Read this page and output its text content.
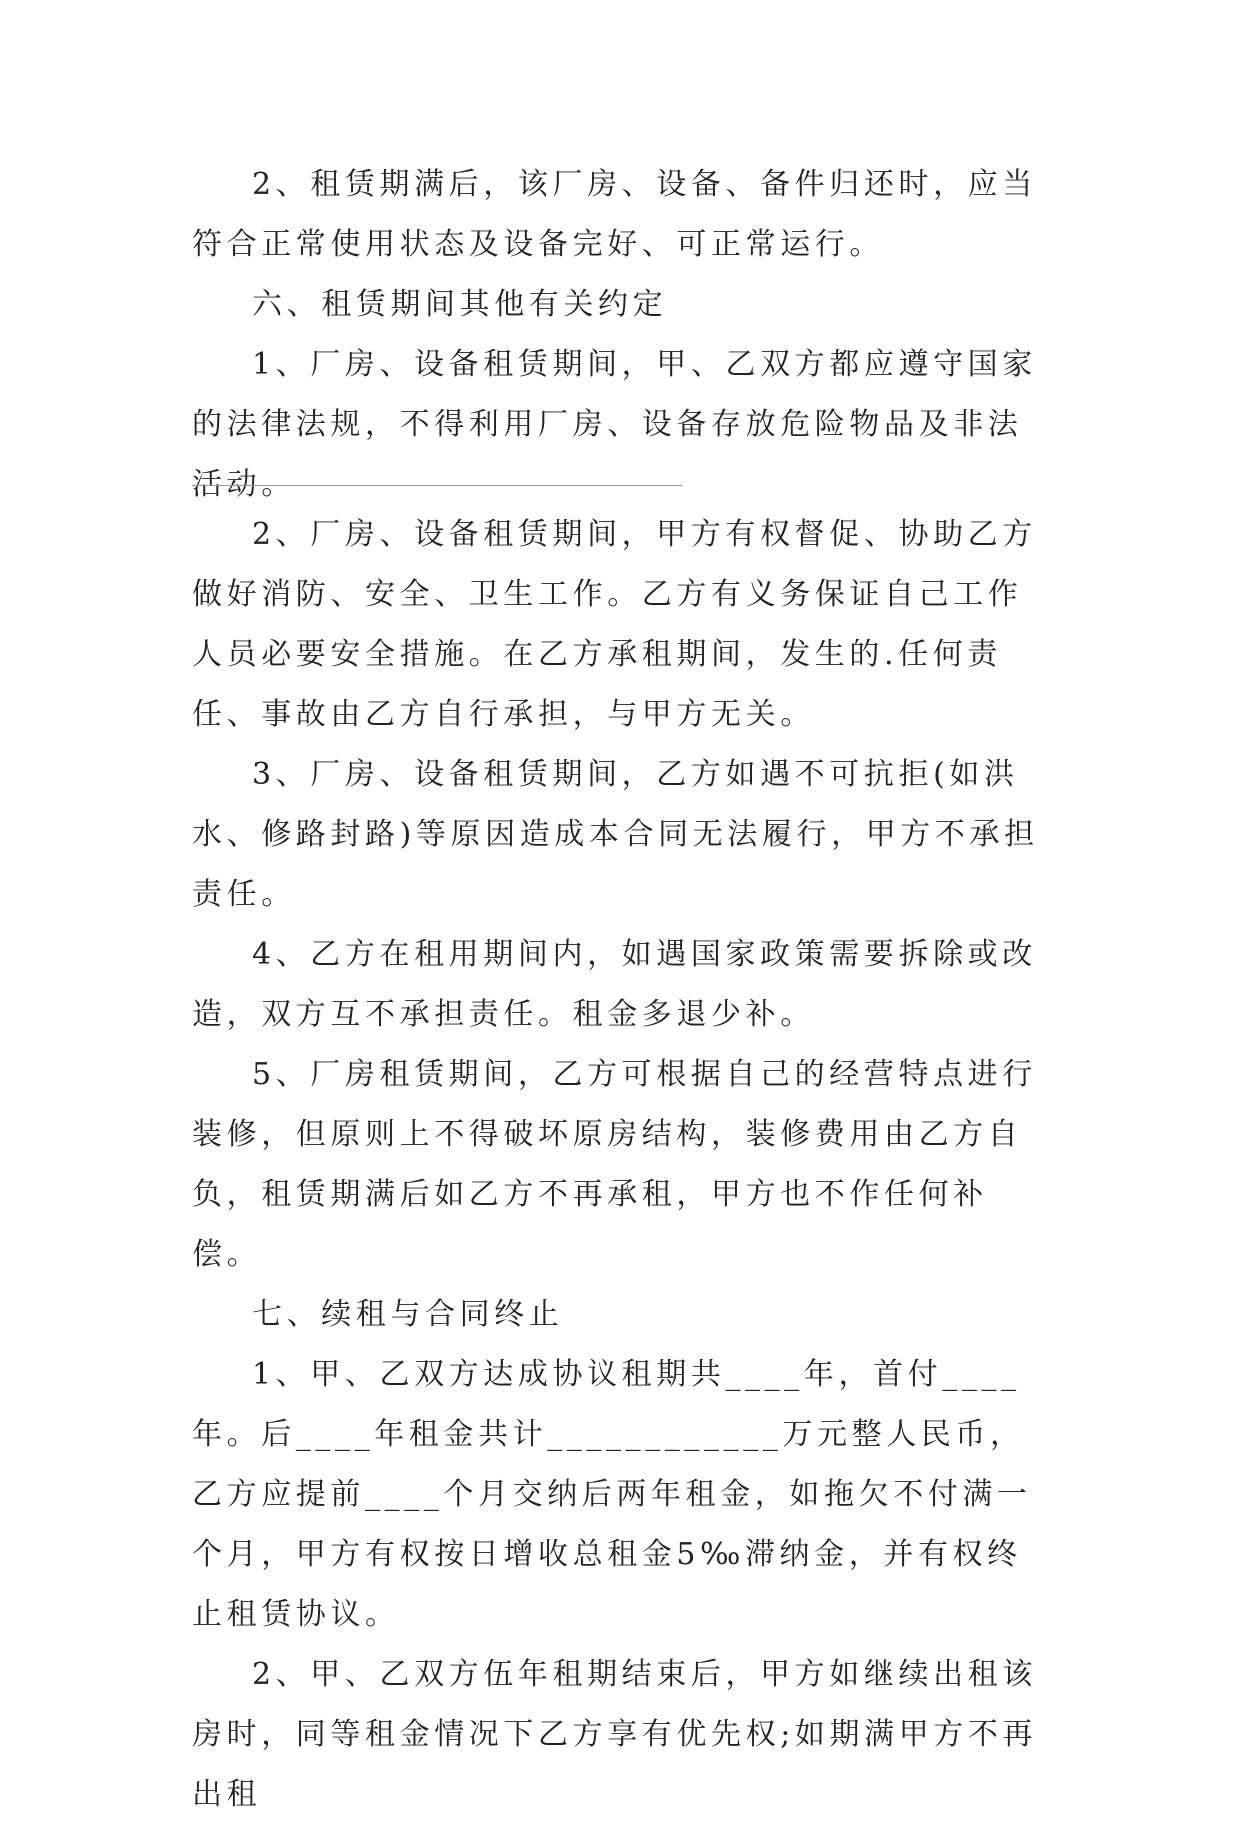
2、租赁期满后，该厂房、设备、备件归还时，应当符合正常使用状态及设备完好、可正常运行。

六、租赁期间其他有关约定

1、厂房、设备租赁期间，甲、乙双方都应遵守国家的法律法规，不得利用厂房、设备存放危险物品及非法活动。

2、厂房、设备租赁期间，甲方有权督促、协助乙方做好消防、安全、卫生工作。乙方有义务保证自己工作人员必要安全措施。在乙方承租期间，发生的.任何责任、事故由乙方自行承担，与甲方无关。

3、厂房、设备租赁期间，乙方如遇不可抗拒(如洪水、修路封路)等原因造成本合同无法履行，甲方不承担责任。

4、乙方在租用期间内，如遇国家政策需要拆除或改造，双方互不承担责任。租金多退少补。

5、厂房租赁期间，乙方可根据自己的经营特点进行装修，但原则上不得破坏原房结构，装修费用由乙方自负，租赁期满后如乙方不再承租，甲方也不作任何补偿。

七、续租与合同终止

1、甲、乙双方达成协议租期共____年，首付____年。后____年租金共计____________万元整人民币，乙方应提前____个月交纳后两年租金，如拖欠不付满一个月，甲方有权按日增收总租金5‰滞纳金，并有权终止租赁协议。

2、甲、乙双方伍年租期结束后，甲方如继续出租该房时，同等租金情况下乙方享有优先权;如期满甲方不再出租
